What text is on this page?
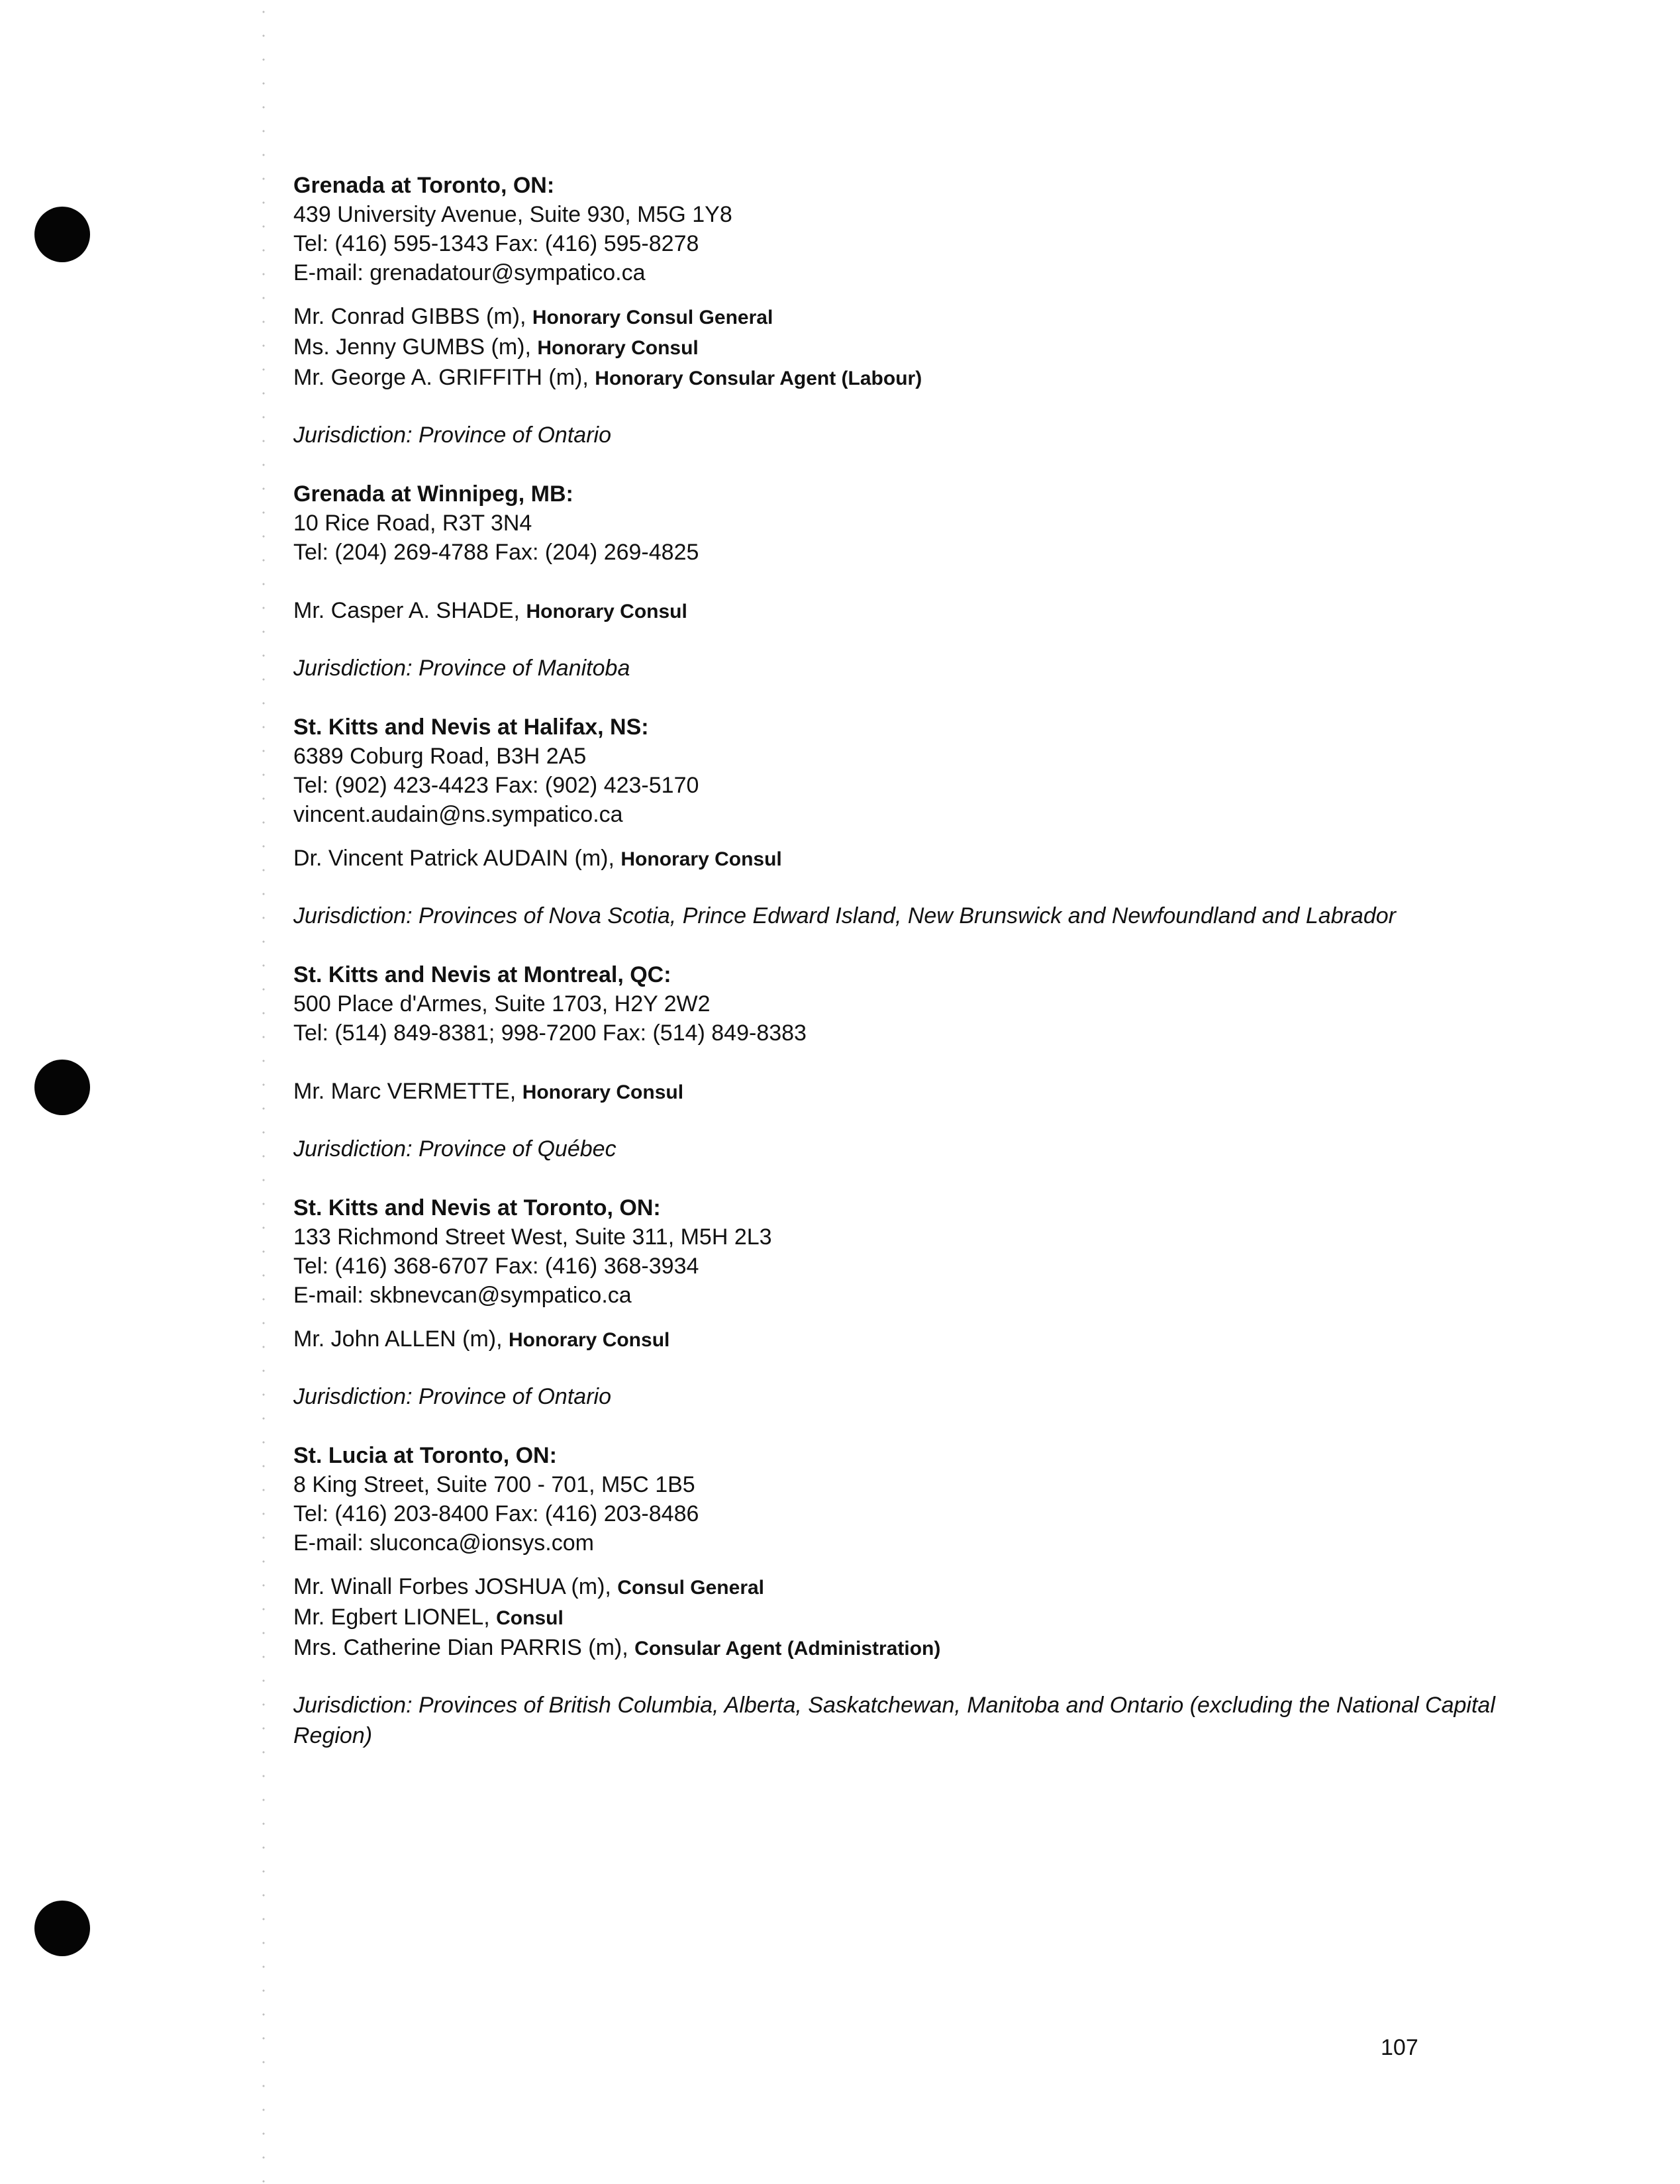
Grenada at Toronto, ON:
439 University Avenue, Suite 930, M5G 1Y8
Tel: (416) 595-1343 Fax: (416) 595-8278
E-mail: grenadatour@sympatico.ca
Mr. Conrad GIBBS (m), Honorary Consul General
Ms. Jenny GUMBS (m), Honorary Consul
Mr. George A. GRIFFITH (m), Honorary Consular Agent (Labour)
Jurisdiction: Province of Ontario
Grenada at Winnipeg, MB:
10 Rice Road, R3T 3N4
Tel: (204) 269-4788 Fax: (204) 269-4825
Mr. Casper A. SHADE, Honorary Consul
Jurisdiction: Province of Manitoba
St. Kitts and Nevis at Halifax, NS:
6389 Coburg Road, B3H 2A5
Tel: (902) 423-4423 Fax: (902) 423-5170
vincent.audain@ns.sympatico.ca
Dr. Vincent Patrick AUDAIN (m), Honorary Consul
Jurisdiction: Provinces of Nova Scotia, Prince Edward Island, New Brunswick and Newfoundland and Labrador
St. Kitts and Nevis at Montreal, QC:
500 Place d'Armes, Suite 1703, H2Y 2W2
Tel: (514) 849-8381; 998-7200 Fax: (514) 849-8383
Mr. Marc VERMETTE, Honorary Consul
Jurisdiction: Province of Québec
St. Kitts and Nevis at Toronto, ON:
133 Richmond Street West, Suite 311, M5H 2L3
Tel: (416) 368-6707 Fax: (416) 368-3934
E-mail: skbnevcan@sympatico.ca
Mr. John ALLEN (m), Honorary Consul
Jurisdiction: Province of Ontario
St. Lucia at Toronto, ON:
8 King Street, Suite 700 - 701, M5C 1B5
Tel: (416) 203-8400 Fax: (416) 203-8486
E-mail: sluconca@ionsys.com
Mr. Winall Forbes JOSHUA (m), Consul General
Mr. Egbert LIONEL, Consul
Mrs. Catherine Dian PARRIS (m), Consular Agent (Administration)
Jurisdiction: Provinces of British Columbia, Alberta, Saskatchewan, Manitoba and Ontario (excluding the National Capital Region)
107
